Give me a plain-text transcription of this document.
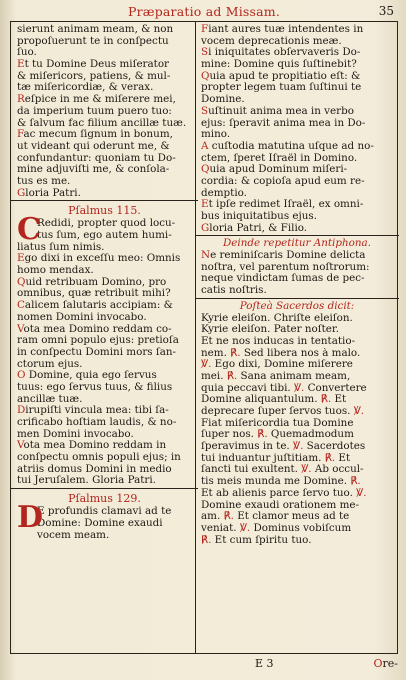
Præparatio ad Missam.	35
sierunt animam meam, & non
propoſuerunt te in conſpectu
ſuo.
Et tu Domine Deus miſerator
& miſericors, patiens, & mul-
tæ miſericordiæ, & verax.
Reſpice in me & miſerere mei,
da imperium tuum puero tuo:
& ſalvum fac filium ancillæ tuæ.
Fac mecum ſignum in bonum,
ut videant qui oderunt me, &
confundantur: quoniam tu Do-
mine adjuviſti me, & conſola-
tus es me.
Gloria Patri.
Pſalmus 115.
C
Redidi, propter quod locu-
tus ſum, ego autem humi-
liatus ſum nimis.
Ego dixi in exceſſu meo: Omnis
homo mendax.
Quid retribuam Domino, pro
omnibus, quæ retribuit mihi?
Calicem ſalutaris accipiam: &
nomen Domini invocabo.
Vota mea Domino reddam co-
ram omni populo ejus: pretioſa
in conſpectu Domini mors ſan-
ctorum ejus.
O Domine, quia ego ſervus
tuus: ego ſervus tuus, & filius
ancillæ tuæ.
Dirupiſti vincula mea: tibi ſa-
crificabo hoſtiam laudis, & no-
men Domini invocabo.
Vota mea Domino reddam in
conſpectu omnis populi ejus; in
atriis domus Domini in medio
tui Jeruſalem. Gloria Patri.
Pſalmus 129.
D
E profundis clamavi ad te
Domine: Domine exaudi
vocem meam.
Fiant aures tuæ intendentes in
vocem deprecationis meæ.
Si iniquitates obſervaveris Do-
mine: Domine quis ſuſtinebit?
Quia apud te propitiatio eſt: &
propter legem tuam ſuſtinui te
Domine.
Suſtinuit anima mea in verbo
ejus: ſperavit anima mea in Do-
mino.
A cuſtodia matutina uſque ad no-
ctem, ſperet Iſraël in Domino.
Quia apud Dominum miſeri-
cordia: & copioſa apud eum re-
demptio.
Et ipſe redimet Iſraël, ex omni-
bus iniquitatibus ejus.
Gloria Patri, & Filio.
Deinde repetitur Antiphona.
Ne reminiſcaris Domine delicta
noſtra, vel parentum noſtrorum:
neque vindictam ſumas de pec-
catis noſtris.
Poſteà Sacerdos dicit:
Kyrie eleiſon. Chriſte eleiſon.
Kyrie eleiſon. Pater noſter.
Et ne nos inducas in tentatio-
nem. ℟. Sed libera nos à malo.
℣. Ego dixi, Domine miſerere
mei. ℟. Sana animam meam,
quia peccavi tibi. ℣. Convertere
Domine aliquantulum. ℟. Et
deprecare ſuper ſervos tuos. ℣.
Fiat miſericordia tua Domine
ſuper nos. ℟. Quemadmodum
ſperavimus in te. ℣. Sacerdotes
tui induantur juſtitiam. ℟. Et
ſancti tui exultent. ℣. Ab occul-
tis meis munda me Domine. ℟.
Et ab alienis parce ſervo tuo. ℣.
Domine exaudi orationem me-
am. ℟. Et clamor meus ad te
veniat. ℣. Dominus vobiſcum
℟. Et cum ſpiritu tuo.
E 3	Ore-
